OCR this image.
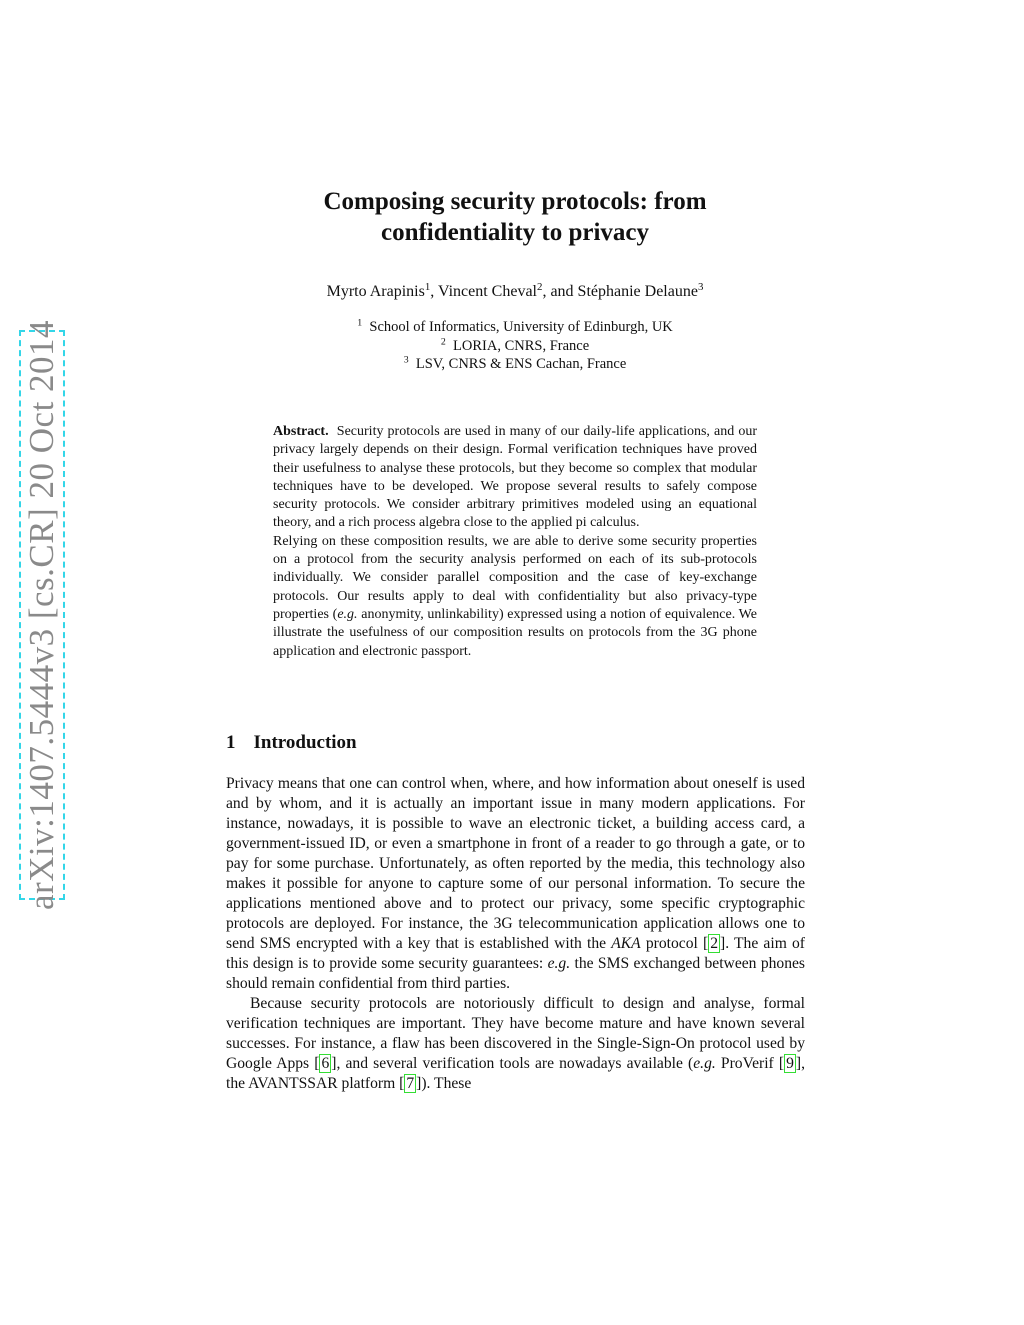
arXiv:1407.5444v3 [cs.CR] 20 Oct 2014
Composing security protocols: from
confidentiality to privacy
Myrto Arapinis$^1$, Vincent Cheval$^2$, and Stéphanie Delaune$^3$
$^1$ School of Informatics, University of Edinburgh, UK
$^2$ LORIA, CNRS, France
$^3$ LSV, CNRS & ENS Cachan, France

Abstract. Security protocols are used in many of our daily-life applications, and our privacy largely depends on their design. Formal verification techniques have proved their usefulness to analyse these protocols, but they become so complex that modular techniques have to be developed. We propose several results to safely compose security protocols. We consider arbitrary primitives modeled using an equational theory, and a rich process algebra close to the applied pi calculus.

Relying on these composition results, we are able to derive some security properties on a protocol from the security analysis performed on each of its sub-protocols individually. We consider parallel composition and the case of key-exchange protocols. Our results apply to deal with confidentiality but also privacy-type properties (e.g. anonymity, unlinkability) expressed using a notion of equivalence. We illustrate the usefulness of our composition results on protocols from the 3G phone application and electronic passport.

1 Introduction

Privacy means that one can control when, where, and how information about oneself is used and by whom, and it is actually an important issue in many modern applications. For instance, nowadays, it is possible to wave an electronic ticket, a building access card, a government-issued ID, or even a smartphone in front of a reader to go through a gate, or to pay for some purchase. Unfortunately, as often reported by the media, this technology also makes it possible for anyone to capture some of our personal information. To secure the applications mentioned above and to protect our privacy, some specific cryptographic protocols are deployed. For instance, the 3G telecommunication application allows one to send SMS encrypted with a key that is established with the AKA protocol [ 2 ]. The aim of this design is to provide some security guarantees: e.g. the SMS exchanged between phones should remain confidential from third parties.

Because security protocols are notoriously difficult to design and analyse, formal verification techniques are important. They have become mature and have known several successes. For instance, a flaw has been discovered in the Single-Sign-On protocol used by Google Apps [ 6 ], and several verification tools are nowadays available (e.g. ProVerif [ 9 ], the AVANTSSAR platform [ 7 ]). These
